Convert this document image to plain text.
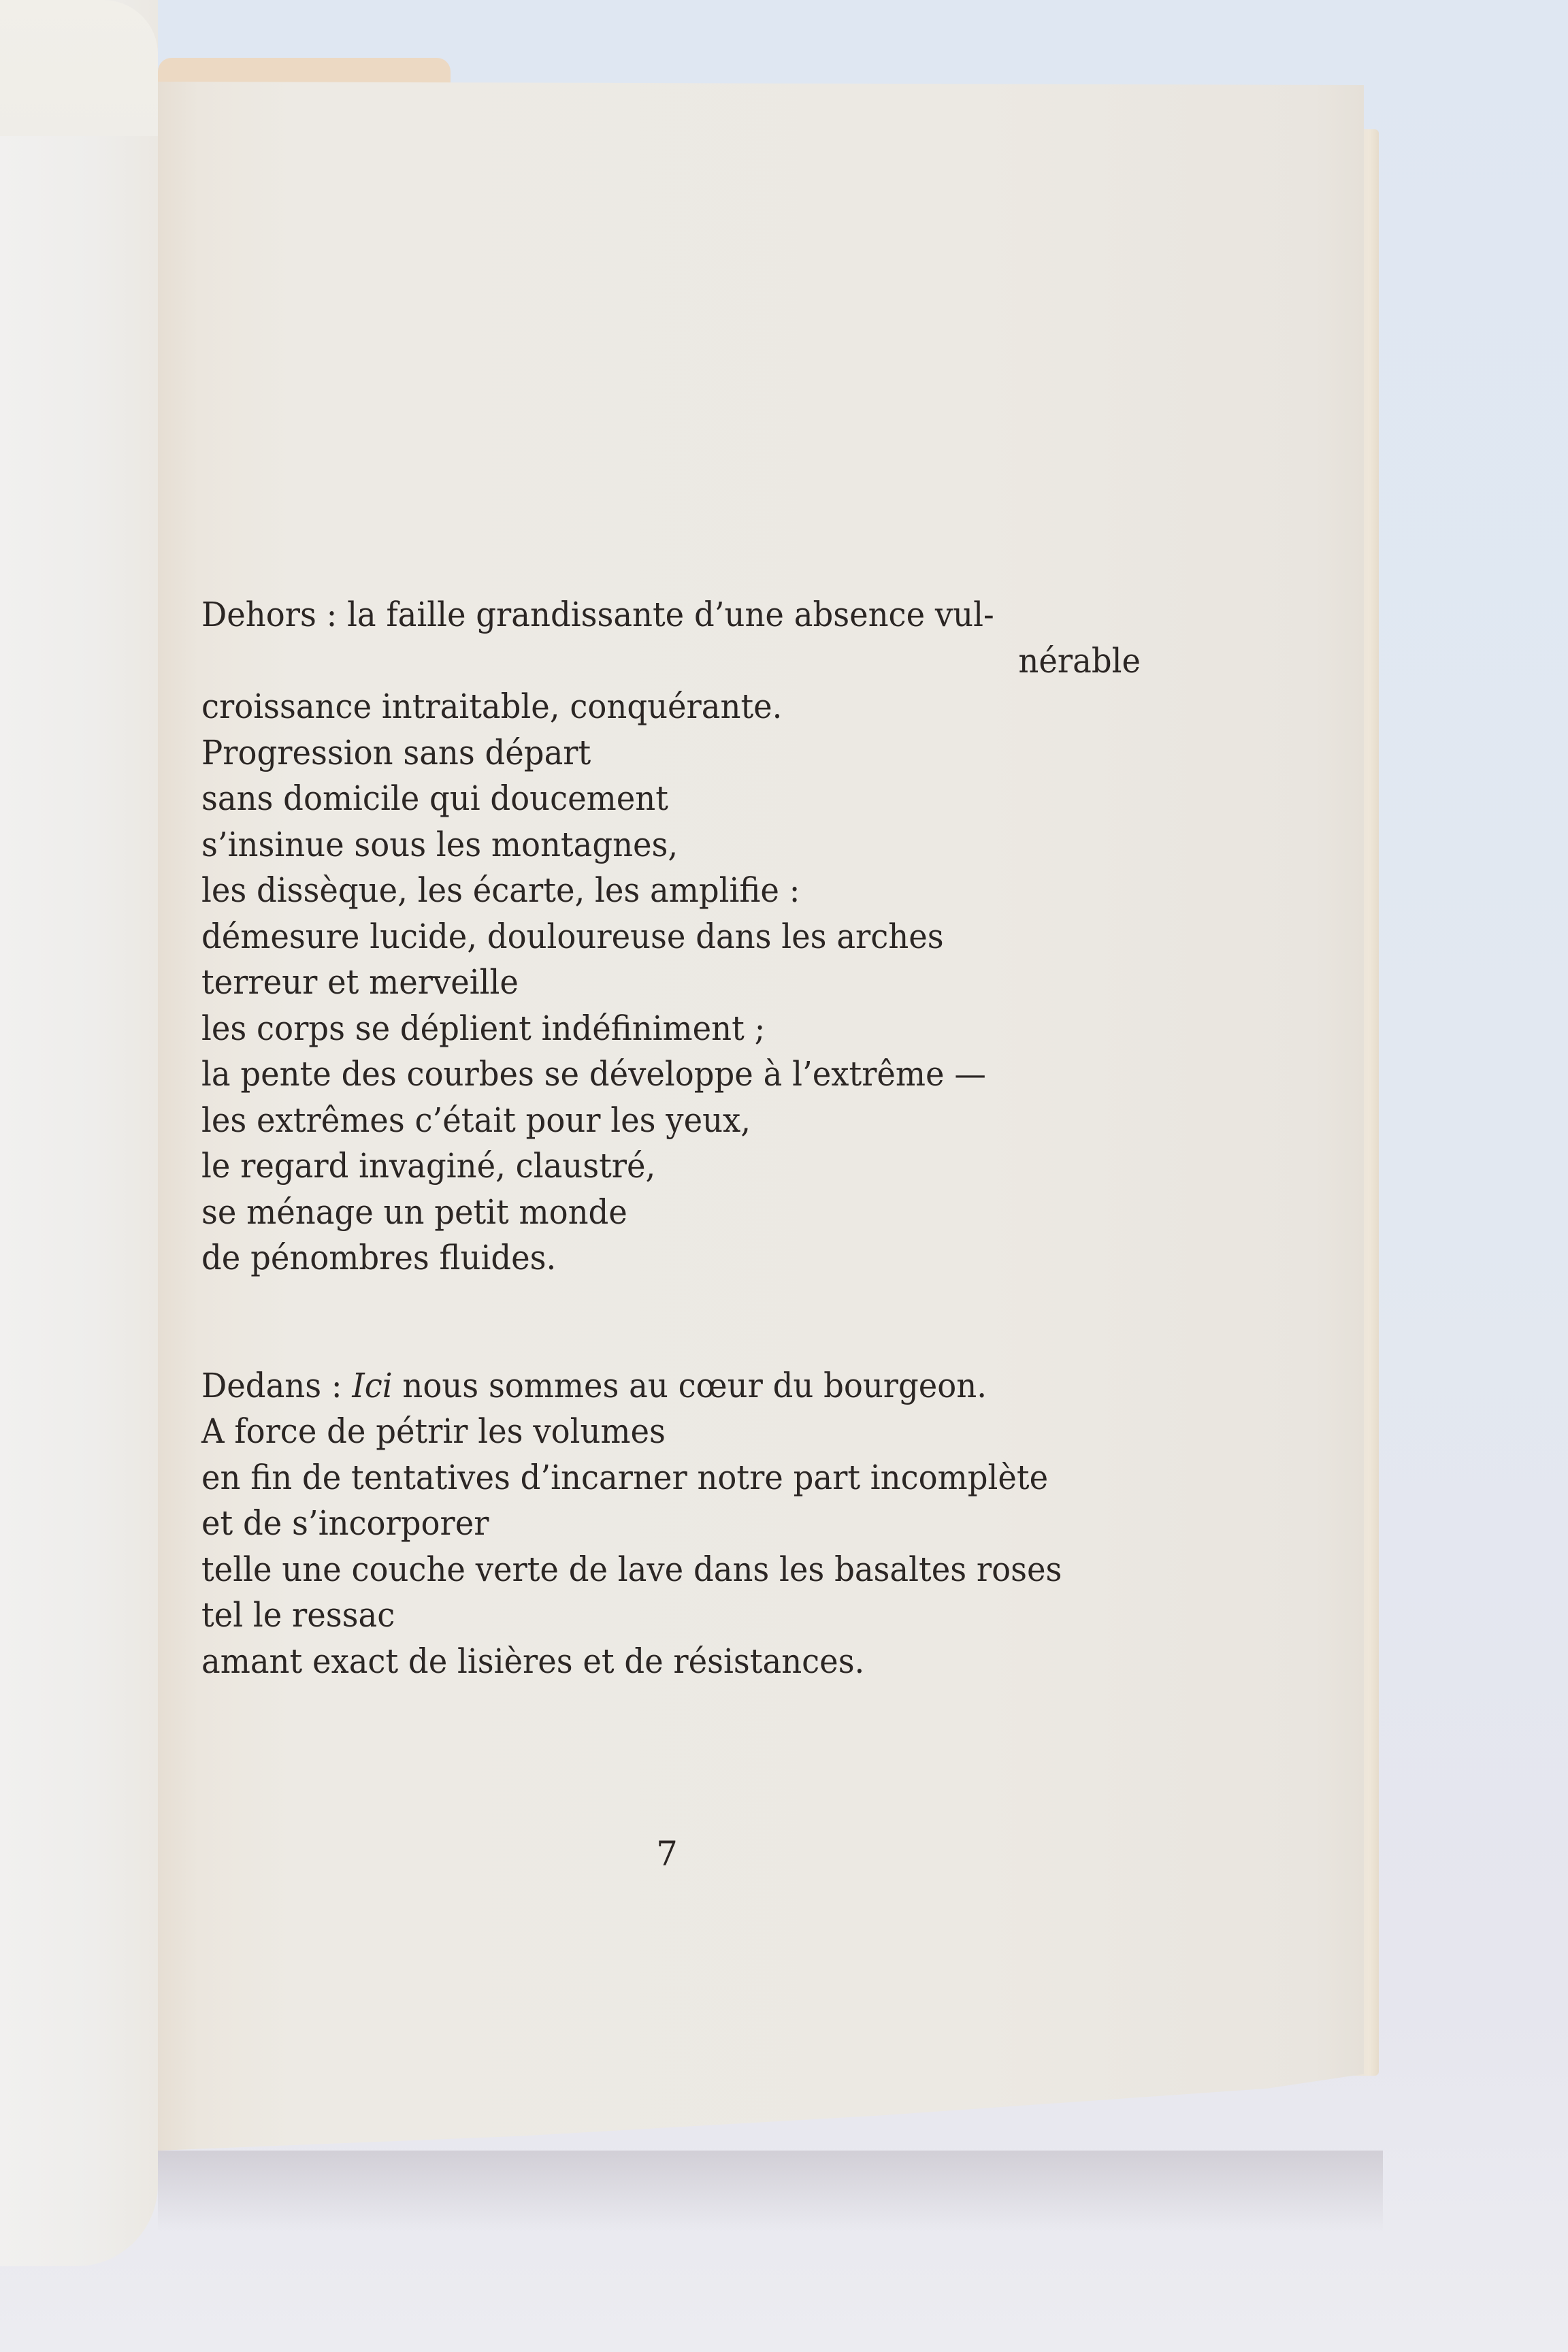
Dehors : la faille grandissante d’une absence vul-
nérable
croissance intraitable, conquérante.
Progression sans départ
sans domicile qui doucement
s’insinue sous les montagnes,
les dissèque, les écarte, les amplifie :
démesure lucide, douloureuse dans les arches
terreur et merveille
les corps se déplient indéfiniment ;
la pente des courbes se développe à l’extrême —
les extrêmes c’était pour les yeux,
le regard invaginé, claustré,
se ménage un petit monde
de pénombres fluides.
Dedans : Ici nous sommes au cœur du bourgeon.
A force de pétrir les volumes
en fin de tentatives d’incarner notre part incomplète
et de s’incorporer
telle une couche verte de lave dans les basaltes roses
tel le ressac
amant exact de lisières et de résistances.
7
